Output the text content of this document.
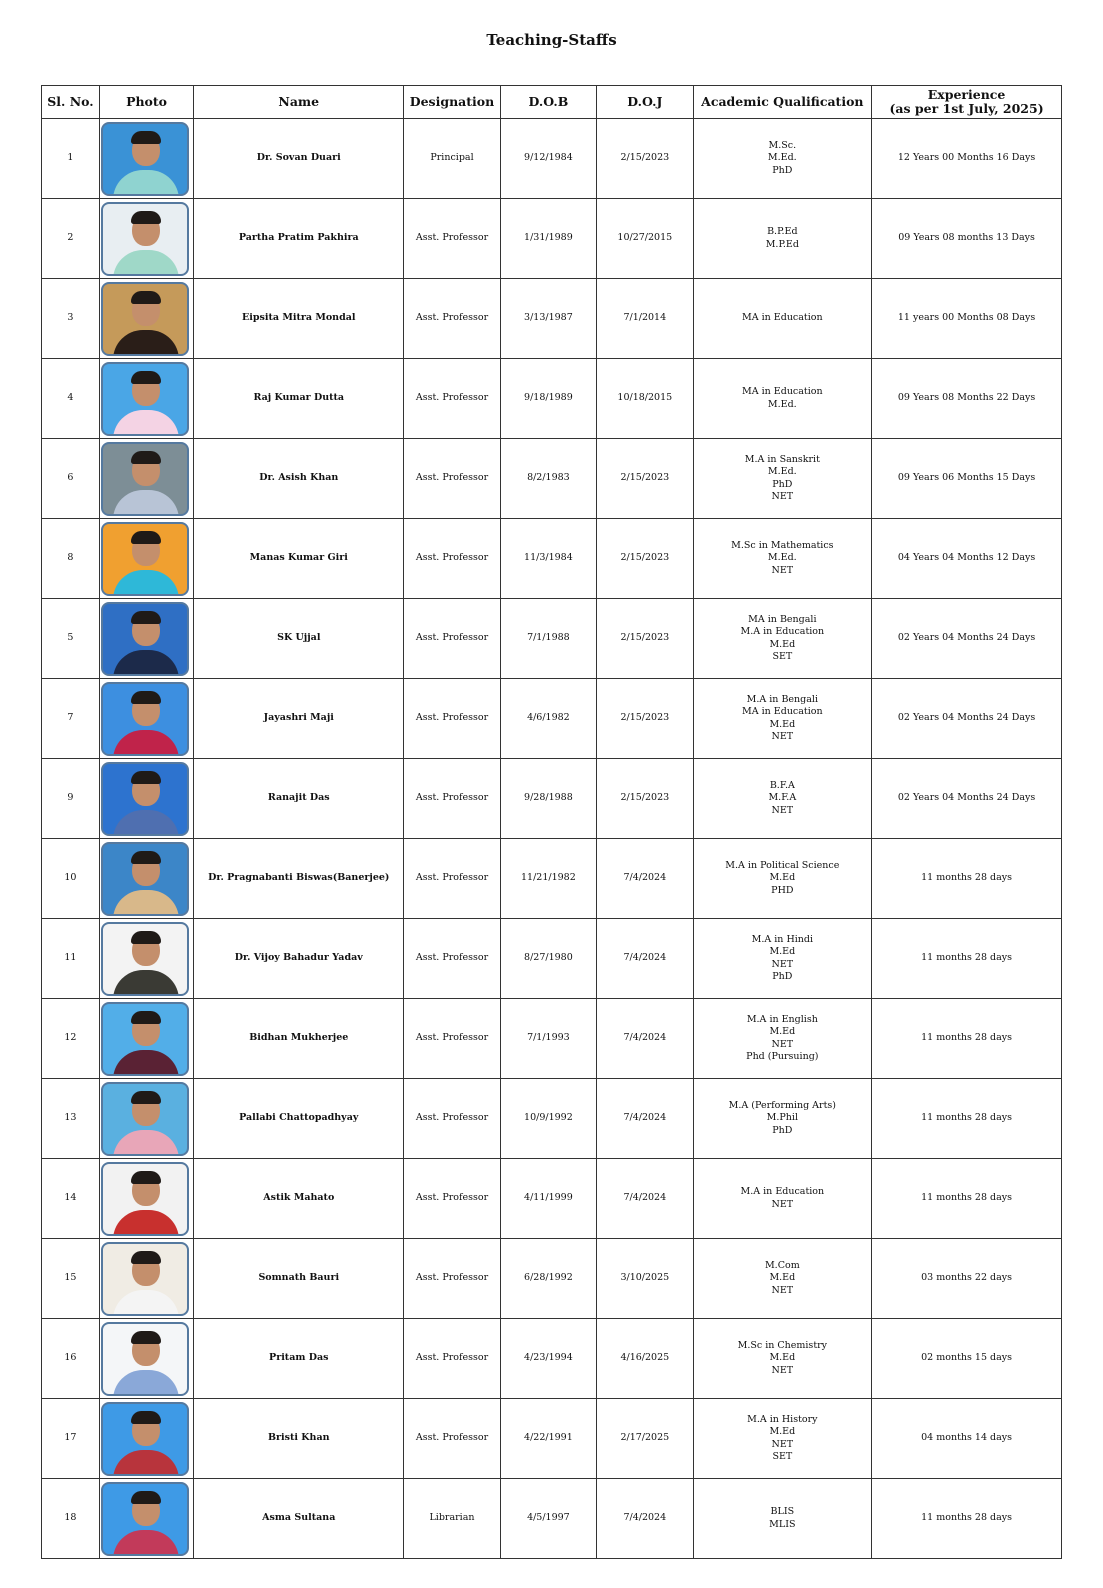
Teaching-Staffs
Sl. No.	Photo	Name	Designation	D.O.B	D.O.J	Academic Qualification	Experience
(as per 1st July, 2025)
1		Dr. Sovan Duari	Principal	9/12/1984	2/15/2023	M.Sc.
M.Ed.
PhD	12 Years 00 Months 16 Days
2		Partha Pratim Pakhira	Asst. Professor	1/31/1989	10/27/2015	B.P.Ed
M.P.Ed	09 Years 08 months 13 Days
3		Eipsita Mitra Mondal	Asst. Professor	3/13/1987	7/1/2014	MA in Education	11 years 00 Months 08 Days
4		Raj Kumar Dutta	Asst. Professor	9/18/1989	10/18/2015	MA in Education
M.Ed.	09 Years 08 Months 22 Days
6		Dr. Asish Khan	Asst. Professor	8/2/1983	2/15/2023	M.A in Sanskrit
M.Ed.
PhD
NET	09 Years 06 Months 15 Days
8		Manas Kumar Giri	Asst. Professor	11/3/1984	2/15/2023	M.Sc in Mathematics
M.Ed.
NET	04 Years 04 Months 12 Days
5		SK Ujjal	Asst. Professor	7/1/1988	2/15/2023	MA in Bengali
M.A in Education
M.Ed
SET	02 Years 04 Months 24 Days
7		Jayashri Maji	Asst. Professor	4/6/1982	2/15/2023	M.A in Bengali
MA in Education
M.Ed
NET	02 Years 04 Months 24 Days
9		Ranajit Das	Asst. Professor	9/28/1988	2/15/2023	B.F.A
M.F.A
NET	02 Years 04 Months 24 Days
10		Dr. Pragnabanti Biswas(Banerjee)	Asst. Professor	11/21/1982	7/4/2024	M.A in Political Science
M.Ed
PHD	11 months 28 days
11		Dr. Vijoy Bahadur Yadav	Asst. Professor	8/27/1980	7/4/2024	M.A in Hindi
M.Ed
NET
PhD	11 months 28 days
12		Bidhan Mukherjee	Asst. Professor	7/1/1993	7/4/2024	M.A in English
M.Ed
NET
Phd (Pursuing)	11 months 28 days
13		Pallabi Chattopadhyay	Asst. Professor	10/9/1992	7/4/2024	M.A (Performing Arts)
M.Phil
PhD	11 months 28 days
14		Astik Mahato	Asst. Professor	4/11/1999	7/4/2024	M.A in Education
NET	11 months 28 days
15		Somnath Bauri	Asst. Professor	6/28/1992	3/10/2025	M.Com
M.Ed
NET	03 months 22 days
16		Pritam Das	Asst. Professor	4/23/1994	4/16/2025	M.Sc in Chemistry
M.Ed
NET	02 months 15 days
17		Bristi Khan	Asst. Professor	4/22/1991	2/17/2025	M.A in History
M.Ed
NET
SET	04 months 14 days
18		Asma Sultana	Librarian	4/5/1997	7/4/2024	BLIS
MLIS	11 months 28 days
